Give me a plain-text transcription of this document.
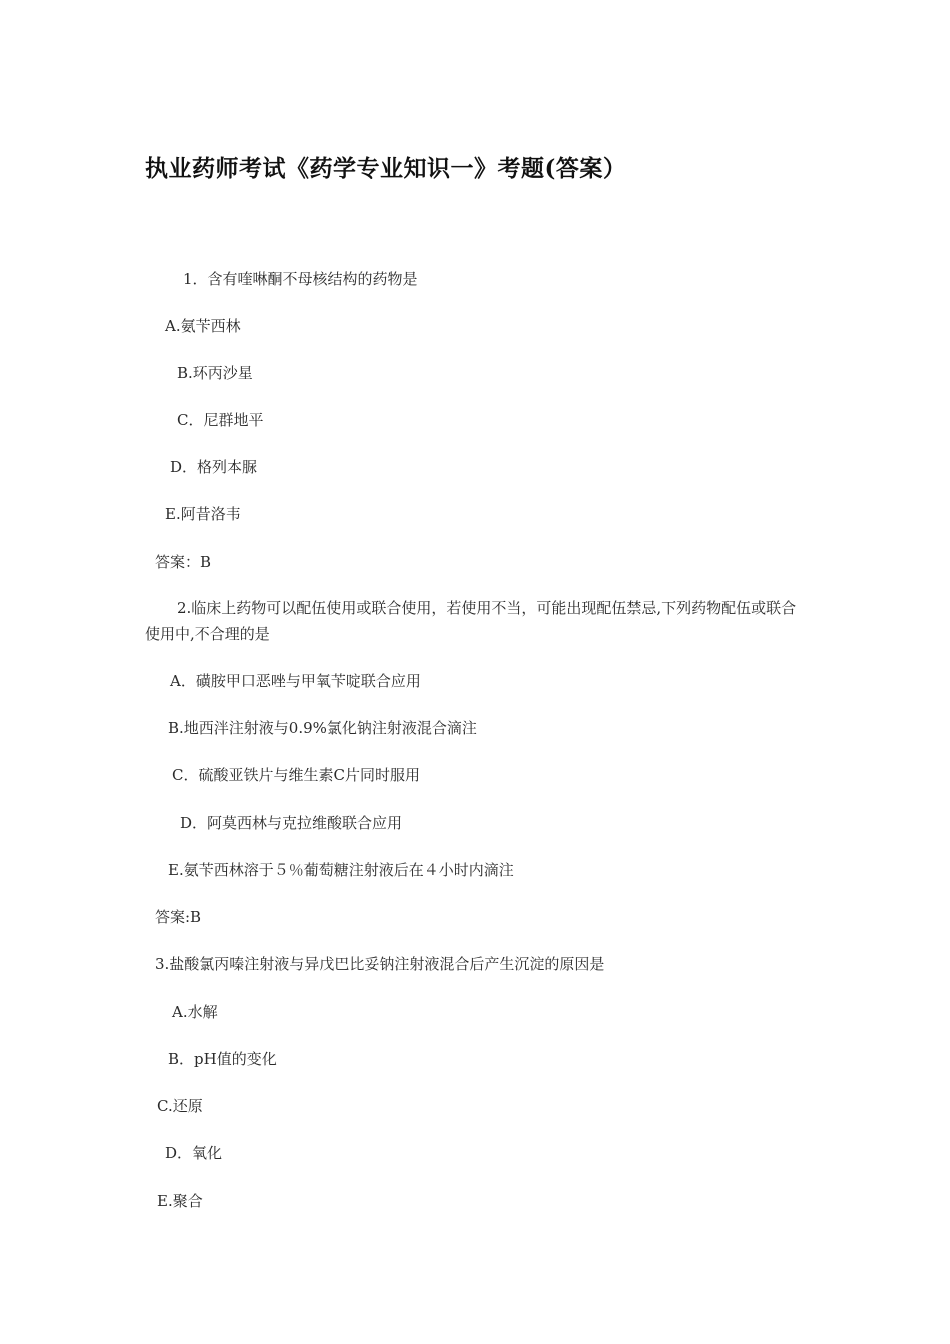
执业药师考试《药学专业知识一》考题(答案）
1．含有喹啉酮不母核结构的药物是
A.氨苄西林
B.环丙沙星
C．尼群地平
D．格列本脲
E.阿昔洛韦
答案：B
2.临床上药物可以配伍使用或联合使用，若使用不当，可能出现配伍禁忌,下列药物配伍或联合使用中,不合理的是
A．磺胺甲口恶唑与甲氧苄啶联合应用
B.地西泮注射液与0.9%氯化钠注射液混合滴注
C．硫酸亚铁片与维生素C片同时服用
D．阿莫西林与克拉维酸联合应用
E.氨苄西林溶于５％葡萄糖注射液后在４小时内滴注
答案:B
3.盐酸氯丙嗪注射液与异戊巴比妥钠注射液混合后产生沉淀的原因是
A.水解
B．pH值的变化
C.还原
D．氧化
E.聚合
